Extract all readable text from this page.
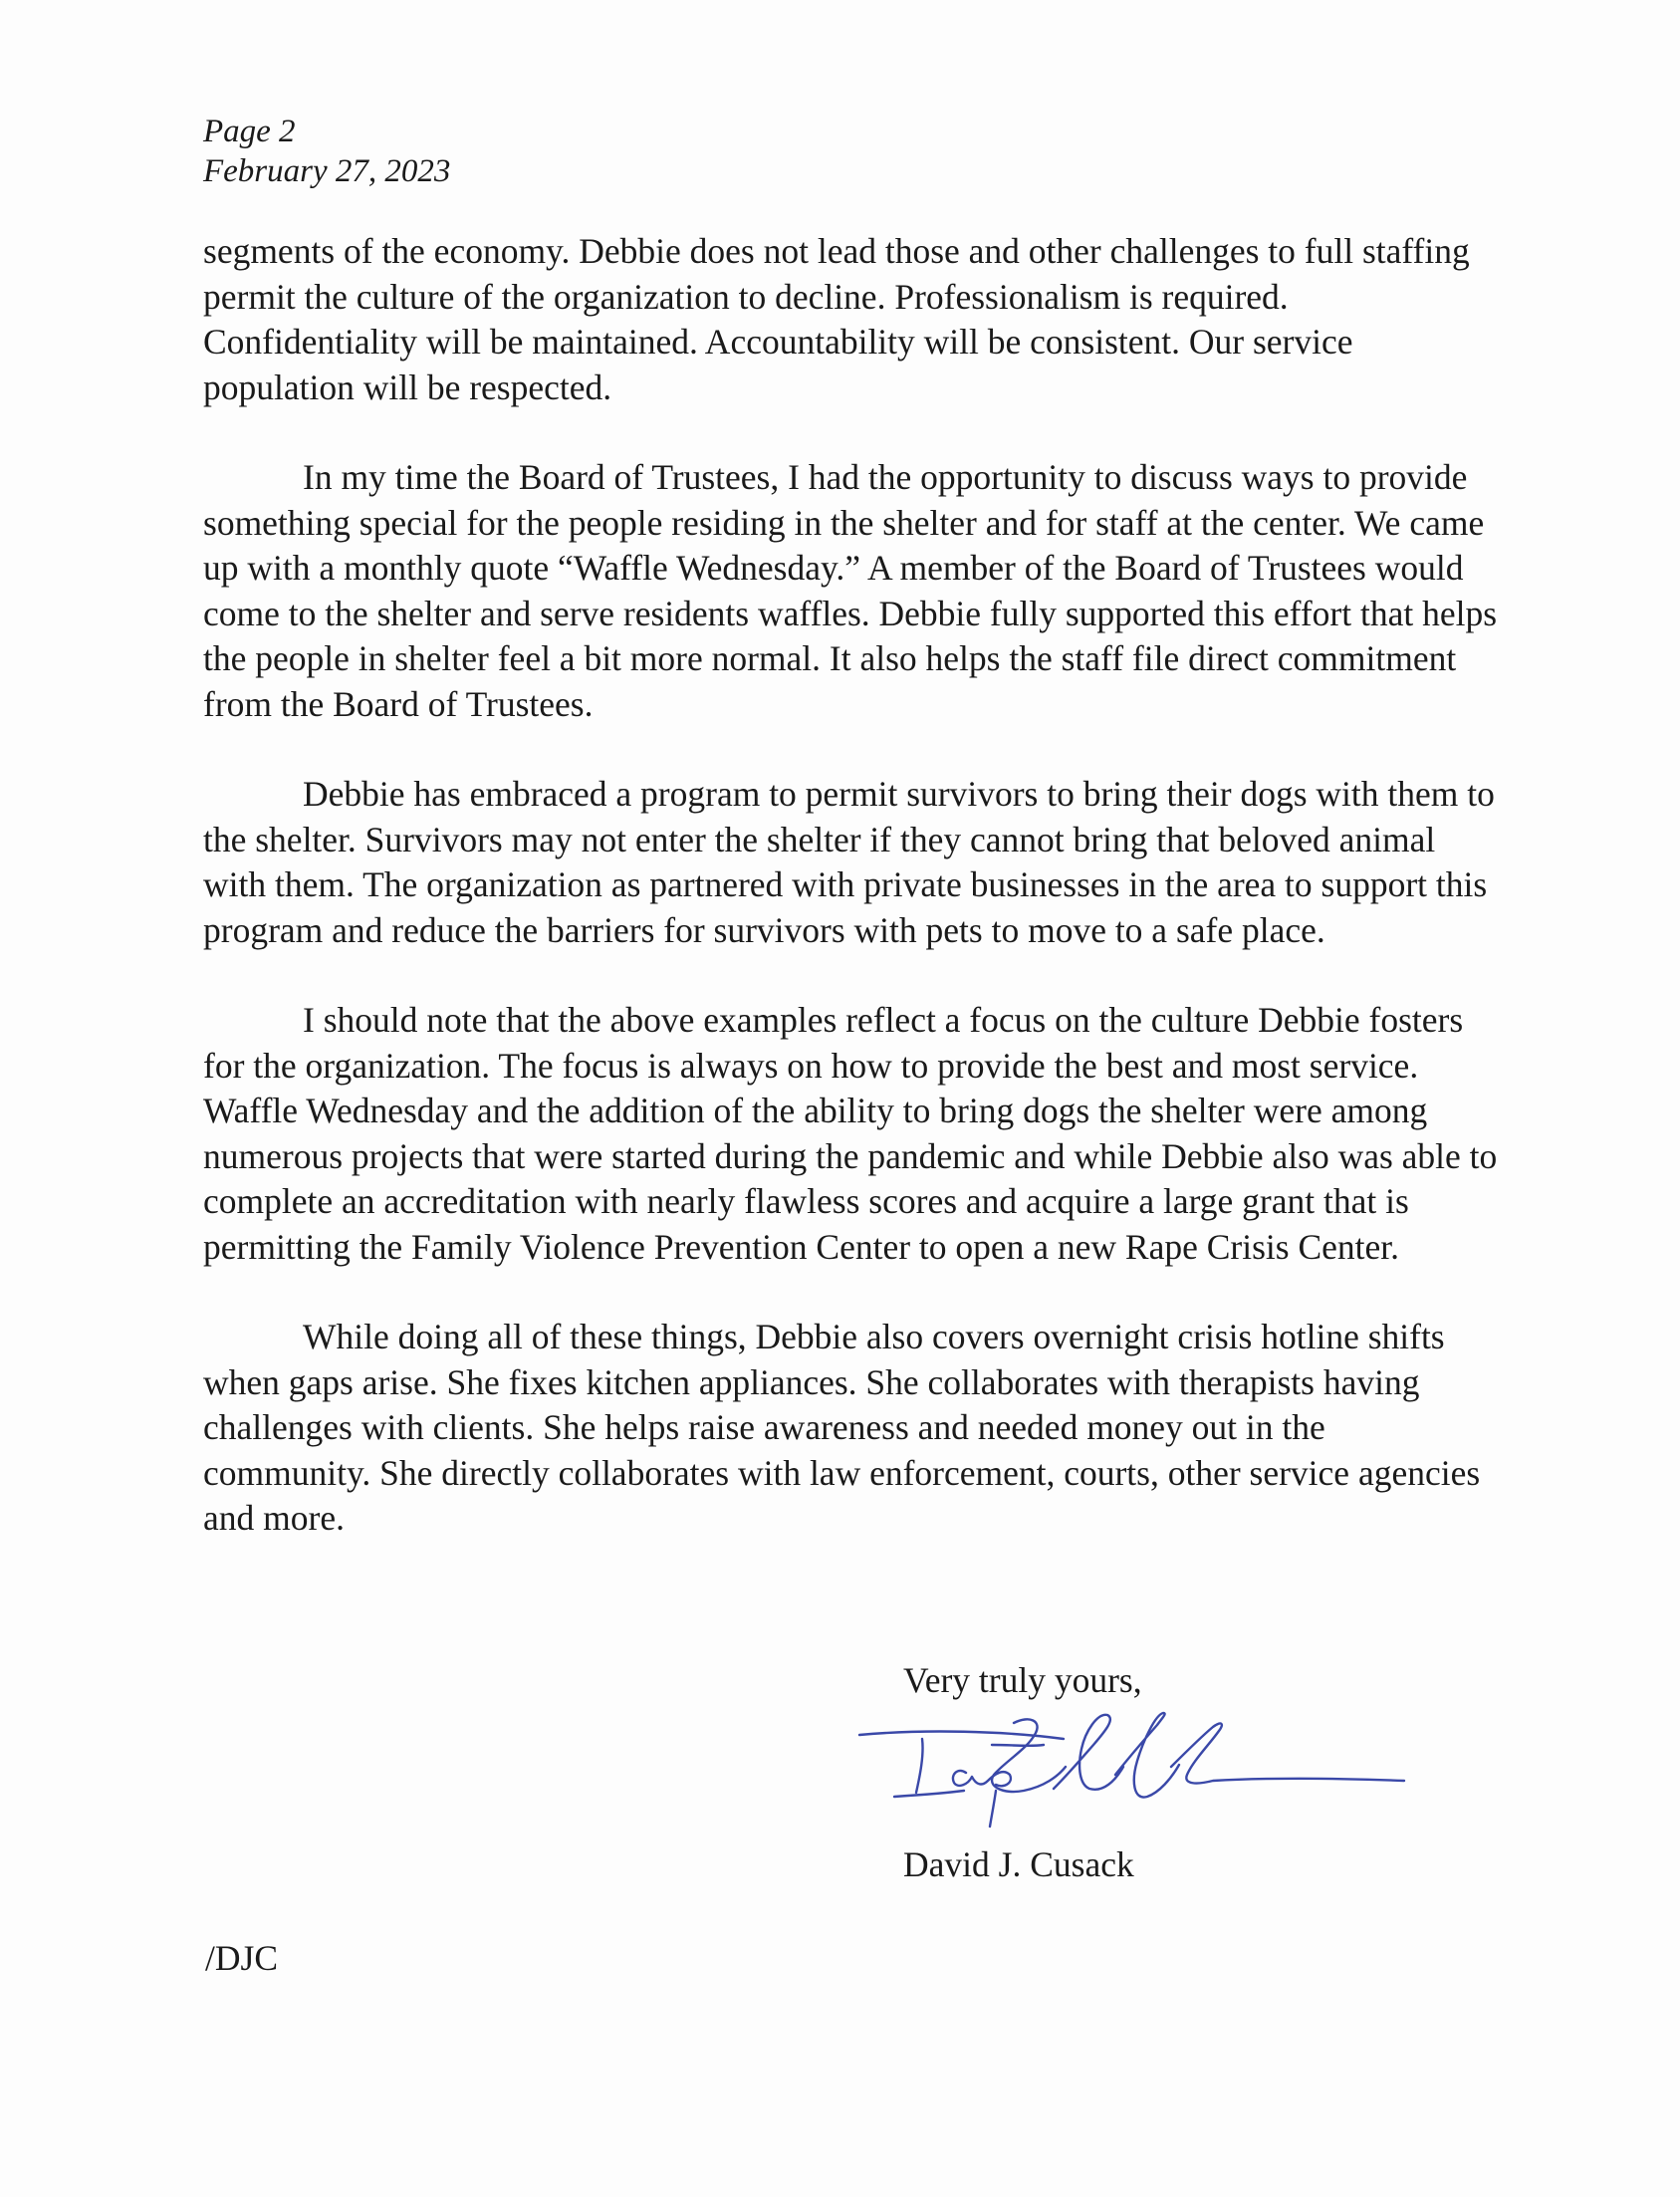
Page 2
February 27, 2023

segments of the economy. Debbie does not lead those and other challenges to full staffing permit the culture of the organization to decline. Professionalism is required. Confidentiality will be maintained. Accountability will be consistent. Our service population will be respected.

In my time the Board of Trustees, I had the opportunity to discuss ways to provide something special for the people residing in the shelter and for staff at the center. We came up with a monthly quote “Waffle Wednesday.” A member of the Board of Trustees would come to the shelter and serve residents waffles. Debbie fully supported this effort that helps the people in shelter feel a bit more normal. It also helps the staff file direct commitment from the Board of Trustees.

Debbie has embraced a program to permit survivors to bring their dogs with them to the shelter. Survivors may not enter the shelter if they cannot bring that beloved animal with them. The organization as partnered with private businesses in the area to support this program and reduce the barriers for survivors with pets to move to a safe place.

I should note that the above examples reflect a focus on the culture Debbie fosters for the organization. The focus is always on how to provide the best and most service. Waffle Wednesday and the addition of the ability to bring dogs the shelter were among numerous projects that were started during the pandemic and while Debbie also was able to complete an accreditation with nearly flawless scores and acquire a large grant that is permitting the Family Violence Prevention Center to open a new Rape Crisis Center.

While doing all of these things, Debbie also covers overnight crisis hotline shifts when gaps arise. She fixes kitchen appliances. She collaborates with therapists having challenges with clients. She helps raise awareness and needed money out in the community. She directly collaborates with law enforcement, courts, other service agencies and more.

Very truly yours,
David J. Cusack
/DJC
